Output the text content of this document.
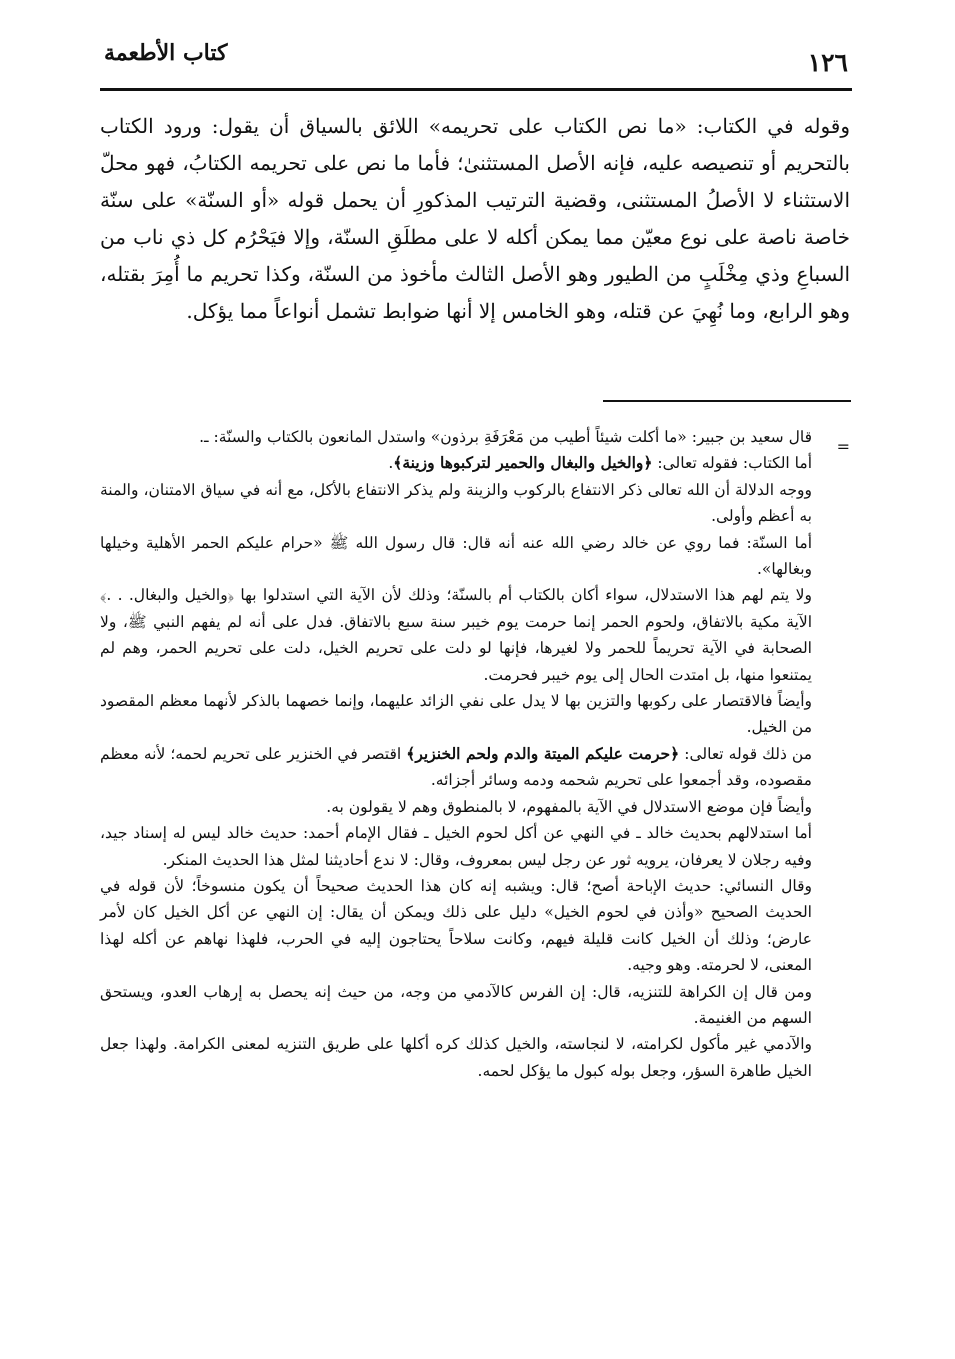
١٢٦
كتاب الأطعمة

وقوله في الكتاب: «ما نص الكتاب على تحريمه» اللائق بالسياق أن يقول: ورود الكتاب بالتحريم أو تنصيصه عليه، فإنه الأصل المستثنىٰ؛ فأما ما نص على تحريمه الكتابُ، فهو محلّ الاستثناء لا الأصلُ المستثنى، وقضية الترتيب المذكورِ أن يحمل قوله «أو السنّة» على سنّة خاصة ناصة على نوع معيّن مما يمكن أكله لا على مطلَقِ السنّة، وإلا فيَحْرُم كل ذي ناب من السباعِ وذي مِخْلَبٍ من الطيور وهو الأصل الثالث مأخوذ من السنّة، وكذا تحريم ما أُمِرَ بقتله، وهو الرابع، وما نُهِيَ عن قتله، وهو الخامس إلا أنها ضوابط تشمل أنواعاً مما يؤكل.

=

قال سعيد بن جبير: «ما أكلت شيئاً أطيب من مَعْرَفَةِ برذون» واستدل المانعون بالكتاب والسنّة: ـ.

أما الكتاب: فقوله تعالى: ﴿والخيل والبغال والحمير لتركبوها وزينة﴾.

ووجه الدلالة أن الله تعالى ذكر الانتفاع بالركوب والزينة ولم يذكر الانتفاع بالأكل، مع أنه في سياق الامتنان، والمنة به أعظم وأولى.

أما السنّة: فما روي عن خالد رضي الله عنه أنه قال: قال رسول الله ﷺ «حرام عليكم الحمر الأهلية وخيلها وبغالها».

ولا يتم لهم هذا الاستدلال، سواء أكان بالكتاب أم بالسنّة؛ وذلك لأن الآية التي استدلوا بها ﴿والخيل والبغال. . .﴾ الآية مكية بالاتفاق، ولحوم الحمر إنما حرمت يوم خيبر سنة سبع بالاتفاق. فدل على أنه لم يفهم النبي ﷺ، ولا الصحابة في الآية تحريماً للحمر ولا لغيرها، فإنها لو دلت على تحريم الخيل، دلت على تحريم الحمر، وهم لم يمتنعوا منها، بل امتدت الحال إلى يوم خيبر فحرمت.

وأيضاً فالاقتصار على ركوبها والتزين بها لا يدل على نفي الزائد عليهما، وإنما خصهما بالذكر لأنهما معظم المقصود من الخيل.

من ذلك قوله تعالى: ﴿حرمت عليكم الميتة والدم ولحم الخنزير﴾ اقتصر في الخنزير على تحريم لحمه؛ لأنه معظم مقصوده، وقد أجمعوا على تحريم شحمه ودمه وسائر أجزائه.

وأيضاً فإن موضع الاستدلال في الآية بالمفهوم، لا بالمنطوق وهم لا يقولون به.

أما استدلالهم بحديث خالد ـ في النهي عن أكل لحوم الخيل ـ فقال الإمام أحمد: حديث خالد ليس له إسناد جيد، وفيه رجلان لا يعرفان، يرويه ثور عن رجل ليس بمعروف، وقال: لا ندع أحاديثنا لمثل هذا الحديث المنكر.

وقال النسائي: حديث الإباحة أصح؛ قال: ويشبه إنه كان هذا الحديث صحيحاً أن يكون منسوخاً؛ لأن قوله في الحديث الصحيح «وأذن في لحوم الخيل» دليل على ذلك ويمكن أن يقال: إن النهي عن أكل الخيل كان لأمر عارض؛ وذلك أن الخيل كانت قليلة فيهم، وكانت سلاحاً يحتاجون إليه في الحرب، فلهذا نهاهم عن أكله لهذا المعنى، لا لحرمته. وهو وجيه.

ومن قال إن الكراهة للتنزيه، قال: إن الفرس كالآدمي من وجه، من حيث إنه يحصل به إرهاب العدو، ويستحق السهم من الغنيمة.

والآدمي غير مأكول لكرامته، لا لنجاسته، والخيل كذلك كره أكلها على طريق التنزيه لمعنى الكرامة. ولهذا جعل الخيل طاهرة السؤر، وجعل بوله كبول ما يؤكل لحمه.
